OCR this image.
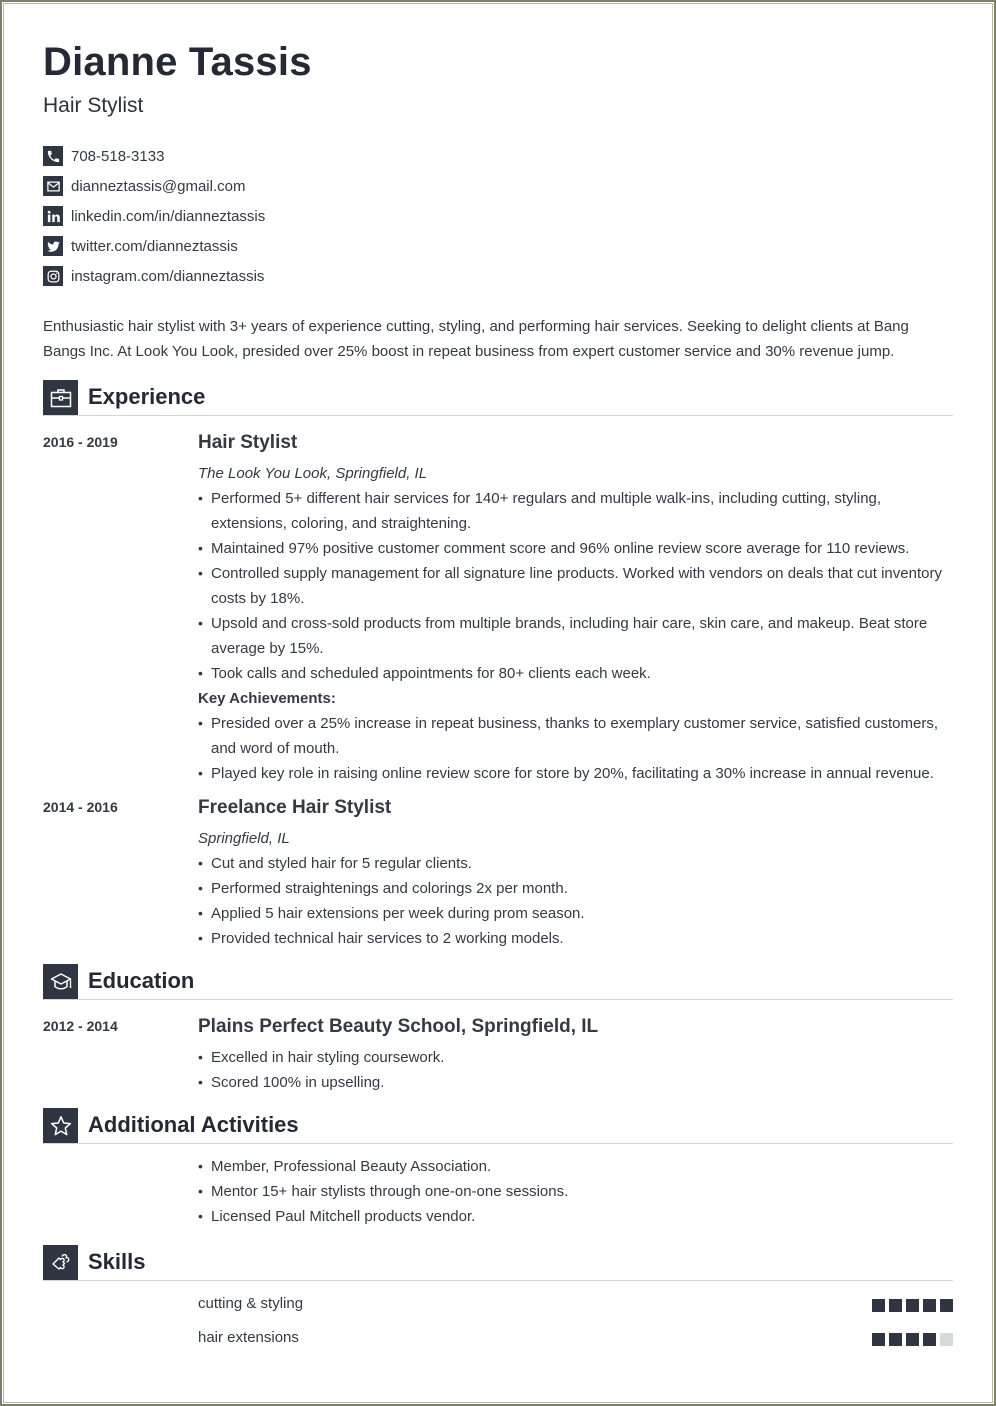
Dianne Tassis
Hair Stylist
708-518-3133
dianneztassis@gmail.com
linkedin.com/in/dianneztassis
twitter.com/dianneztassis
instagram.com/dianneztassis

Enthusiastic hair stylist with 3+ years of experience cutting, styling, and performing hair services. Seeking to delight clients at Bang Bangs Inc. At Look You Look, presided over 25% boost in repeat business from expert customer service and 30% revenue jump.

Experience
2016 - 2019	Hair Stylist
The Look You Look, Springfield, IL
• Performed 5+ different hair services for 140+ regulars and multiple walk-ins, including cutting, styling, extensions, coloring, and straightening.
• Maintained 97% positive customer comment score and 96% online review score average for 110 reviews.
• Controlled supply management for all signature line products. Worked with vendors on deals that cut inventory costs by 18%.
• Upsold and cross-sold products from multiple brands, including hair care, skin care, and makeup. Beat store average by 15%.
• Took calls and scheduled appointments for 80+ clients each week.
Key Achievements:
• Presided over a 25% increase in repeat business, thanks to exemplary customer service, satisfied customers, and word of mouth.
• Played key role in raising online review score for store by 20%, facilitating a 30% increase in annual revenue.
2014 - 2016	Freelance Hair Stylist
Springfield, IL
• Cut and styled hair for 5 regular clients.
• Performed straightenings and colorings 2x per month.
• Applied 5 hair extensions per week during prom season.
• Provided technical hair services to 2 working models.
Education
2012 - 2014	Plains Perfect Beauty School, Springfield, IL
• Excelled in hair styling coursework.
• Scored 100% in upselling.
Additional Activities
• Member, Professional Beauty Association.
• Mentor 15+ hair stylists through one-on-one sessions.
• Licensed Paul Mitchell products vendor.
Skills
cutting & styling
hair extensions
